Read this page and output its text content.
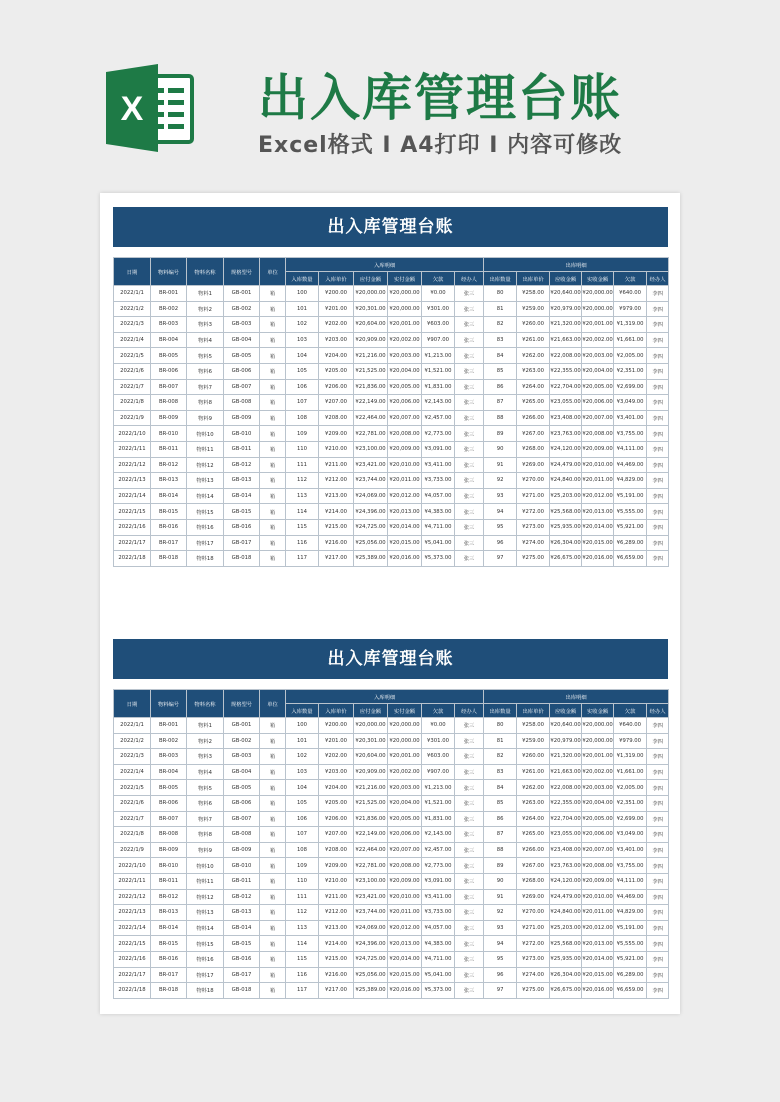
X 出入库管理台账
Excel格式 Ⅰ A4打印 Ⅰ 内容可修改
出入库管理台账
日期	物料编号	物料名称	规格型号	单位	入库明细						出库明细					
					入库数量	入库单价	应付金额	实付金额	欠款	经办人	出库数量	出库单价	应收金额	实收金额	欠款	经办人
2022/1/1	BR-001	物料1	GB-001	箱	100	¥200.00	¥20,000.00	¥20,000.00	¥0.00	张三	80	¥258.00	¥20,640.00	¥20,000.00	¥640.00	李四
2022/1/2	BR-002	物料2	GB-002	箱	101	¥201.00	¥20,301.00	¥20,000.00	¥301.00	张三	81	¥259.00	¥20,979.00	¥20,000.00	¥979.00	李四
2022/1/3	BR-003	物料3	GB-003	箱	102	¥202.00	¥20,604.00	¥20,001.00	¥603.00	张三	82	¥260.00	¥21,320.00	¥20,001.00	¥1,319.00	李四
2022/1/4	BR-004	物料4	GB-004	箱	103	¥203.00	¥20,909.00	¥20,002.00	¥907.00	张三	83	¥261.00	¥21,663.00	¥20,002.00	¥1,661.00	李四
2022/1/5	BR-005	物料5	GB-005	箱	104	¥204.00	¥21,216.00	¥20,003.00	¥1,213.00	张三	84	¥262.00	¥22,008.00	¥20,003.00	¥2,005.00	李四
2022/1/6	BR-006	物料6	GB-006	箱	105	¥205.00	¥21,525.00	¥20,004.00	¥1,521.00	张三	85	¥263.00	¥22,355.00	¥20,004.00	¥2,351.00	李四
2022/1/7	BR-007	物料7	GB-007	箱	106	¥206.00	¥21,836.00	¥20,005.00	¥1,831.00	张三	86	¥264.00	¥22,704.00	¥20,005.00	¥2,699.00	李四
2022/1/8	BR-008	物料8	GB-008	箱	107	¥207.00	¥22,149.00	¥20,006.00	¥2,143.00	张三	87	¥265.00	¥23,055.00	¥20,006.00	¥3,049.00	李四
2022/1/9	BR-009	物料9	GB-009	箱	108	¥208.00	¥22,464.00	¥20,007.00	¥2,457.00	张三	88	¥266.00	¥23,408.00	¥20,007.00	¥3,401.00	李四
2022/1/10	BR-010	物料10	GB-010	箱	109	¥209.00	¥22,781.00	¥20,008.00	¥2,773.00	张三	89	¥267.00	¥23,763.00	¥20,008.00	¥3,755.00	李四
2022/1/11	BR-011	物料11	GB-011	箱	110	¥210.00	¥23,100.00	¥20,009.00	¥3,091.00	张三	90	¥268.00	¥24,120.00	¥20,009.00	¥4,111.00	李四
2022/1/12	BR-012	物料12	GB-012	箱	111	¥211.00	¥23,421.00	¥20,010.00	¥3,411.00	张三	91	¥269.00	¥24,479.00	¥20,010.00	¥4,469.00	李四
2022/1/13	BR-013	物料13	GB-013	箱	112	¥212.00	¥23,744.00	¥20,011.00	¥3,733.00	张三	92	¥270.00	¥24,840.00	¥20,011.00	¥4,829.00	李四
2022/1/14	BR-014	物料14	GB-014	箱	113	¥213.00	¥24,069.00	¥20,012.00	¥4,057.00	张三	93	¥271.00	¥25,203.00	¥20,012.00	¥5,191.00	李四
2022/1/15	BR-015	物料15	GB-015	箱	114	¥214.00	¥24,396.00	¥20,013.00	¥4,383.00	张三	94	¥272.00	¥25,568.00	¥20,013.00	¥5,555.00	李四
2022/1/16	BR-016	物料16	GB-016	箱	115	¥215.00	¥24,725.00	¥20,014.00	¥4,711.00	张三	95	¥273.00	¥25,935.00	¥20,014.00	¥5,921.00	李四
2022/1/17	BR-017	物料17	GB-017	箱	116	¥216.00	¥25,056.00	¥20,015.00	¥5,041.00	张三	96	¥274.00	¥26,304.00	¥20,015.00	¥6,289.00	李四
2022/1/18	BR-018	物料18	GB-018	箱	117	¥217.00	¥25,389.00	¥20,016.00	¥5,373.00	张三	97	¥275.00	¥26,675.00	¥20,016.00	¥6,659.00	李四
出入库管理台账
日期	物料编号	物料名称	规格型号	单位	入库明细						出库明细					
					入库数量	入库单价	应付金额	实付金额	欠款	经办人	出库数量	出库单价	应收金额	实收金额	欠款	经办人
2022/1/1	BR-001	物料1	GB-001	箱	100	¥200.00	¥20,000.00	¥20,000.00	¥0.00	张三	80	¥258.00	¥20,640.00	¥20,000.00	¥640.00	李四
2022/1/2	BR-002	物料2	GB-002	箱	101	¥201.00	¥20,301.00	¥20,000.00	¥301.00	张三	81	¥259.00	¥20,979.00	¥20,000.00	¥979.00	李四
2022/1/3	BR-003	物料3	GB-003	箱	102	¥202.00	¥20,604.00	¥20,001.00	¥603.00	张三	82	¥260.00	¥21,320.00	¥20,001.00	¥1,319.00	李四
2022/1/4	BR-004	物料4	GB-004	箱	103	¥203.00	¥20,909.00	¥20,002.00	¥907.00	张三	83	¥261.00	¥21,663.00	¥20,002.00	¥1,661.00	李四
2022/1/5	BR-005	物料5	GB-005	箱	104	¥204.00	¥21,216.00	¥20,003.00	¥1,213.00	张三	84	¥262.00	¥22,008.00	¥20,003.00	¥2,005.00	李四
2022/1/6	BR-006	物料6	GB-006	箱	105	¥205.00	¥21,525.00	¥20,004.00	¥1,521.00	张三	85	¥263.00	¥22,355.00	¥20,004.00	¥2,351.00	李四
2022/1/7	BR-007	物料7	GB-007	箱	106	¥206.00	¥21,836.00	¥20,005.00	¥1,831.00	张三	86	¥264.00	¥22,704.00	¥20,005.00	¥2,699.00	李四
2022/1/8	BR-008	物料8	GB-008	箱	107	¥207.00	¥22,149.00	¥20,006.00	¥2,143.00	张三	87	¥265.00	¥23,055.00	¥20,006.00	¥3,049.00	李四
2022/1/9	BR-009	物料9	GB-009	箱	108	¥208.00	¥22,464.00	¥20,007.00	¥2,457.00	张三	88	¥266.00	¥23,408.00	¥20,007.00	¥3,401.00	李四
2022/1/10	BR-010	物料10	GB-010	箱	109	¥209.00	¥22,781.00	¥20,008.00	¥2,773.00	张三	89	¥267.00	¥23,763.00	¥20,008.00	¥3,755.00	李四
2022/1/11	BR-011	物料11	GB-011	箱	110	¥210.00	¥23,100.00	¥20,009.00	¥3,091.00	张三	90	¥268.00	¥24,120.00	¥20,009.00	¥4,111.00	李四
2022/1/12	BR-012	物料12	GB-012	箱	111	¥211.00	¥23,421.00	¥20,010.00	¥3,411.00	张三	91	¥269.00	¥24,479.00	¥20,010.00	¥4,469.00	李四
2022/1/13	BR-013	物料13	GB-013	箱	112	¥212.00	¥23,744.00	¥20,011.00	¥3,733.00	张三	92	¥270.00	¥24,840.00	¥20,011.00	¥4,829.00	李四
2022/1/14	BR-014	物料14	GB-014	箱	113	¥213.00	¥24,069.00	¥20,012.00	¥4,057.00	张三	93	¥271.00	¥25,203.00	¥20,012.00	¥5,191.00	李四
2022/1/15	BR-015	物料15	GB-015	箱	114	¥214.00	¥24,396.00	¥20,013.00	¥4,383.00	张三	94	¥272.00	¥25,568.00	¥20,013.00	¥5,555.00	李四
2022/1/16	BR-016	物料16	GB-016	箱	115	¥215.00	¥24,725.00	¥20,014.00	¥4,711.00	张三	95	¥273.00	¥25,935.00	¥20,014.00	¥5,921.00	李四
2022/1/17	BR-017	物料17	GB-017	箱	116	¥216.00	¥25,056.00	¥20,015.00	¥5,041.00	张三	96	¥274.00	¥26,304.00	¥20,015.00	¥6,289.00	李四
2022/1/18	BR-018	物料18	GB-018	箱	117	¥217.00	¥25,389.00	¥20,016.00	¥5,373.00	张三	97	¥275.00	¥26,675.00	¥20,016.00	¥6,659.00	李四
